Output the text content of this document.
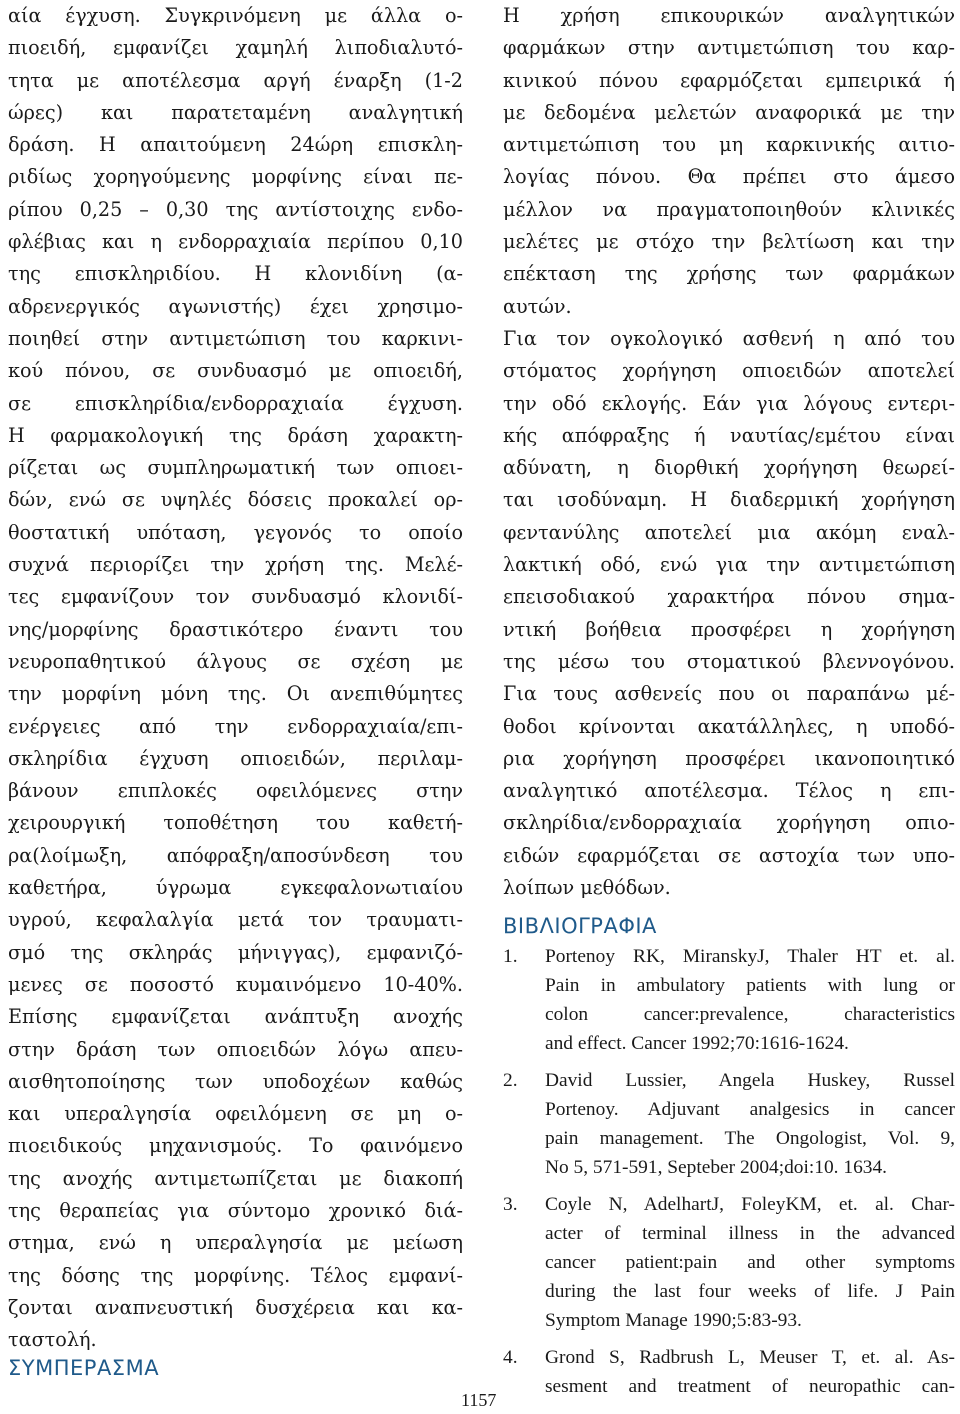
αία έγχυση. Συγκρινόμενη με άλλα ο-
πιοειδή, εμφανίζει χαμηλή λιποδιαλυτό-
τητα με αποτέλεσμα αργή έναρξη (1-2
ώρες) και παρατεταμένη αναλγητική
δράση. Η απαιτούμενη 24ώρη επισκλη-
ριδίως χορηγούμενης μορφίνης είναι πε-
ρίπου 0,25 – 0,30 της αντίστοιχης ενδο-
φλέβιας και η ενδορραχιαία περίπου 0,10
της επισκληριδίου. Η κλονιδίνη (α-
αδρενεργικός αγωνιστής) έχει χρησιμο-
ποιηθεί στην αντιμετώπιση του καρκινι-
κού πόνου, σε συνδυασμό με οπιοειδή,
σε επισκληρίδια/ενδορραχιαία έγχυση.
Η φαρμακολογική της δράση χαρακτη-
ρίζεται ως συμπληρωματική των οπιοει-
δών, ενώ σε υψηλές δόσεις προκαλεί ορ-
θοστατική υπόταση, γεγονός το οποίο
συχνά περιορίζει την χρήση της. Μελέ-
τες εμφανίζουν τον συνδυασμό κλονιδί-
νης/μορφίνης δραστικότερο έναντι του
νευροπαθητικού άλγους σε σχέση με
την μορφίνη μόνη της. Οι ανεπιθύμητες
ενέργειες από την ενδορραχιαία/επι-
σκληρίδια έγχυση οπιοειδών, περιλαμ-
βάνουν επιπλοκές οφειλόμενες στην
χειρουργική τοποθέτηση του καθετή-
ρα(λοίμωξη, απόφραξη/αποσύνδεση του
καθετήρα, ύγρωμα εγκεφαλονωτιαίου
υγρού, κεφαλαλγία μετά τον τραυματι-
σμό της σκληράς μήνιγγας), εμφανιζό-
μενες σε ποσοστό κυμαινόμενο 10-40%.
Επίσης εμφανίζεται ανάπτυξη ανοχής
στην δράση των οπιοειδών λόγω απευ-
αισθητοποίησης των υποδοχέων καθώς
και υπεραλγησία οφειλόμενη σε μη ο-
πιοειδικούς μηχανισμούς. Το φαινόμενο
της ανοχής αντιμετωπίζεται με διακοπή
της θεραπείας για σύντομο χρονικό διά-
στημα, ενώ η υπεραλγησία με μείωση
της δόσης της μορφίνης. Τέλος εμφανί-
ζονται αναπνευστική δυσχέρεια και κα-
ταστολή.
ΣΥΜΠΕΡΑΣΜΑ
Η χρήση επικουρικών αναλγητικών
φαρμάκων στην αντιμετώπιση του καρ-
κινικού πόνου εφαρμόζεται εμπειρικά ή
με δεδομένα μελετών αναφορικά με την
αντιμετώπιση του μη καρκινικής αιτιο-
λογίας πόνου. Θα πρέπει στο άμεσο
μέλλον να πραγματοποιηθούν κλινικές
μελέτες με στόχο την βελτίωση και την
επέκταση της χρήσης των φαρμάκων
αυτών.
Για τον ογκολογικό ασθενή η από του
στόματος χορήγηση οπιοειδών αποτελεί
την οδό εκλογής. Εάν για λόγους εντερι-
κής απόφραξης ή ναυτίας/εμέτου είναι
αδύνατη, η διορθική χορήγηση θεωρεί-
ται ισοδύναμη. Η διαδερμική χορήγηση
φεντανύλης αποτελεί μια ακόμη εναλ-
λακτική οδό, ενώ για την αντιμετώπιση
επεισοδιακού χαρακτήρα πόνου σημα-
ντική βοήθεια προσφέρει η χορήγηση
της μέσω του στοματικού βλεννογόνου.
Για τους ασθενείς που οι παραπάνω μέ-
θοδοι κρίνονται ακατάλληλες, η υποδό-
ρια χορήγηση προσφέρει ικανοποιητικό
αναλγητικό αποτέλεσμα. Τέλος η επι-
σκληρίδια/ενδορραχιαία χορήγηση οπιο-
ειδών εφαρμόζεται σε αστοχία των υπο-
λοίπων μεθόδων.
ΒΙΒΛΙΟΓΡΑΦΙΑ
1. Portenoy RK, MiranskyJ, Thaler HT et. al.
Pain in ambulatory patients with lung or
colon cancer:prevalence, characteristics
and effect. Cancer 1992;70:1616-1624.
2. David Lussier, Angela Huskey, Russel
Portenoy. Adjuvant analgesics in cancer
pain management. The Ongologist, Vol. 9,
No 5, 571-591, Septeber 2004;doi:10. 1634.
3. Coyle N, AdelhartJ, FoleyKM, et. al. Char-
acter of terminal illness in the advanced
cancer patient:pain and other symptoms
during the last four weeks of life. J Pain
Symptom Manage 1990;5:83-93.
4. Grond S, Radbrush L, Meuser T, et. al. As-
sesment and treatment of neuropathic can-
1157
